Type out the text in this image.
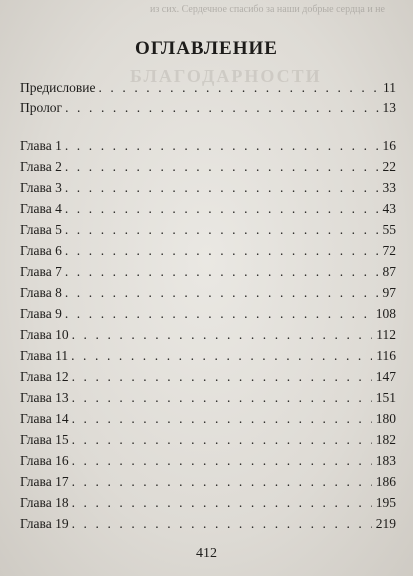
из сих. Сердечное спасибо за наши добрые сердца и не
БЛАГОДАРНОСТИ
ОГЛАВЛЕНИЕ
Предисловие . . .	11
Пролог . . .	13
Глава 1 . . .	16
Глава 2 . . .	22
Глава 3 . . .	33
Глава 4 . . .	43
Глава 5 . . .	55
Глава 6 . . .	72
Глава 7 . . .	87
Глава 8 . . .	97
Глава 9 . . .	108
Глава 10 . . .	112
Глава 11 . . .	116
Глава 12 . . .	147
Глава 13 . . .	151
Глава 14 . . .	180
Глава 15 . . .	182
Глава 16 . . .	183
Глава 17 . . .	186
Глава 18 . . .	195
Глава 19 . . .	219
412
